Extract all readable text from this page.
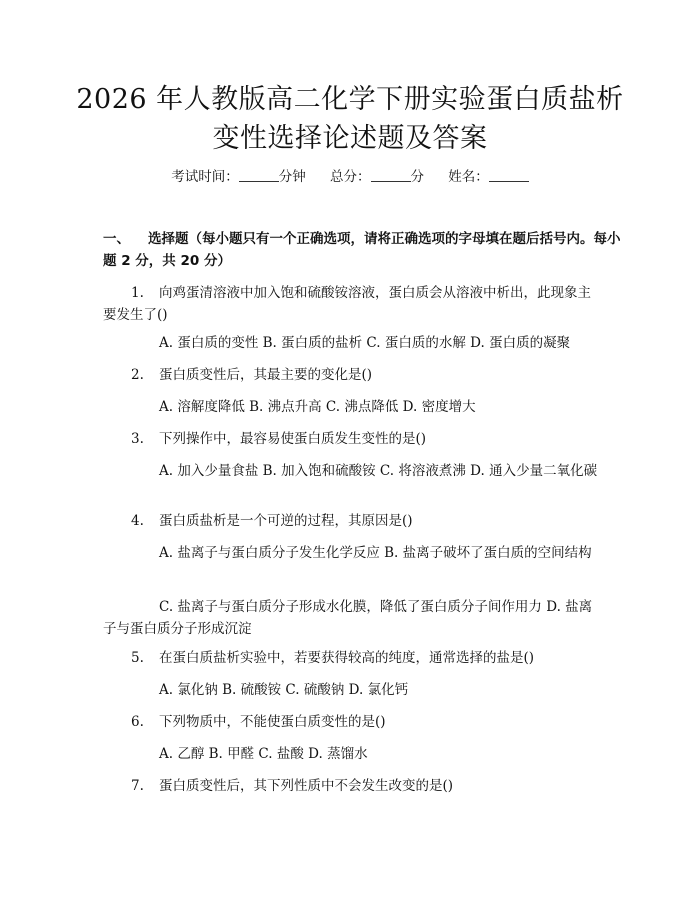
2026 年人教版高二化学下册实验蛋白质盐析
变性选择论述题及答案
考试时间：	分钟 总分：	分 姓名：
一、 选择题（每小题只有一个正确选项，请将正确选项的字母填在题后括号内。每小题 2 分，共 20 分）

1. 向鸡蛋清溶液中加入饱和硫酸铵溶液，蛋白质会从溶液中析出，此现象主要发生了()

A. 蛋白质的变性 B. 蛋白质的盐析 C. 蛋白质的水解 D. 蛋白质的凝聚

2. 蛋白质变性后，其最主要的变化是()

A. 溶解度降低 B. 沸点升高 C. 沸点降低 D. 密度增大

3. 下列操作中，最容易使蛋白质发生变性的是()

A. 加入少量食盐 B. 加入饱和硫酸铵 C. 将溶液煮沸 D. 通入少量二氧化碳

4. 蛋白质盐析是一个可逆的过程，其原因是()

A. 盐离子与蛋白质分子发生化学反应 B. 盐离子破坏了蛋白质的空间结构

C. 盐离子与蛋白质分子形成水化膜，降低了蛋白质分子间作用力 D. 盐离子与蛋白质分子形成沉淀

5. 在蛋白质盐析实验中，若要获得较高的纯度，通常选择的盐是()

A. 氯化钠 B. 硫酸铵 C. 硫酸钠 D. 氯化钙

6. 下列物质中，不能使蛋白质变性的是()

A. 乙醇 B. 甲醛 C. 盐酸 D. 蒸馏水

7. 蛋白质变性后，其下列性质中不会发生改变的是()
